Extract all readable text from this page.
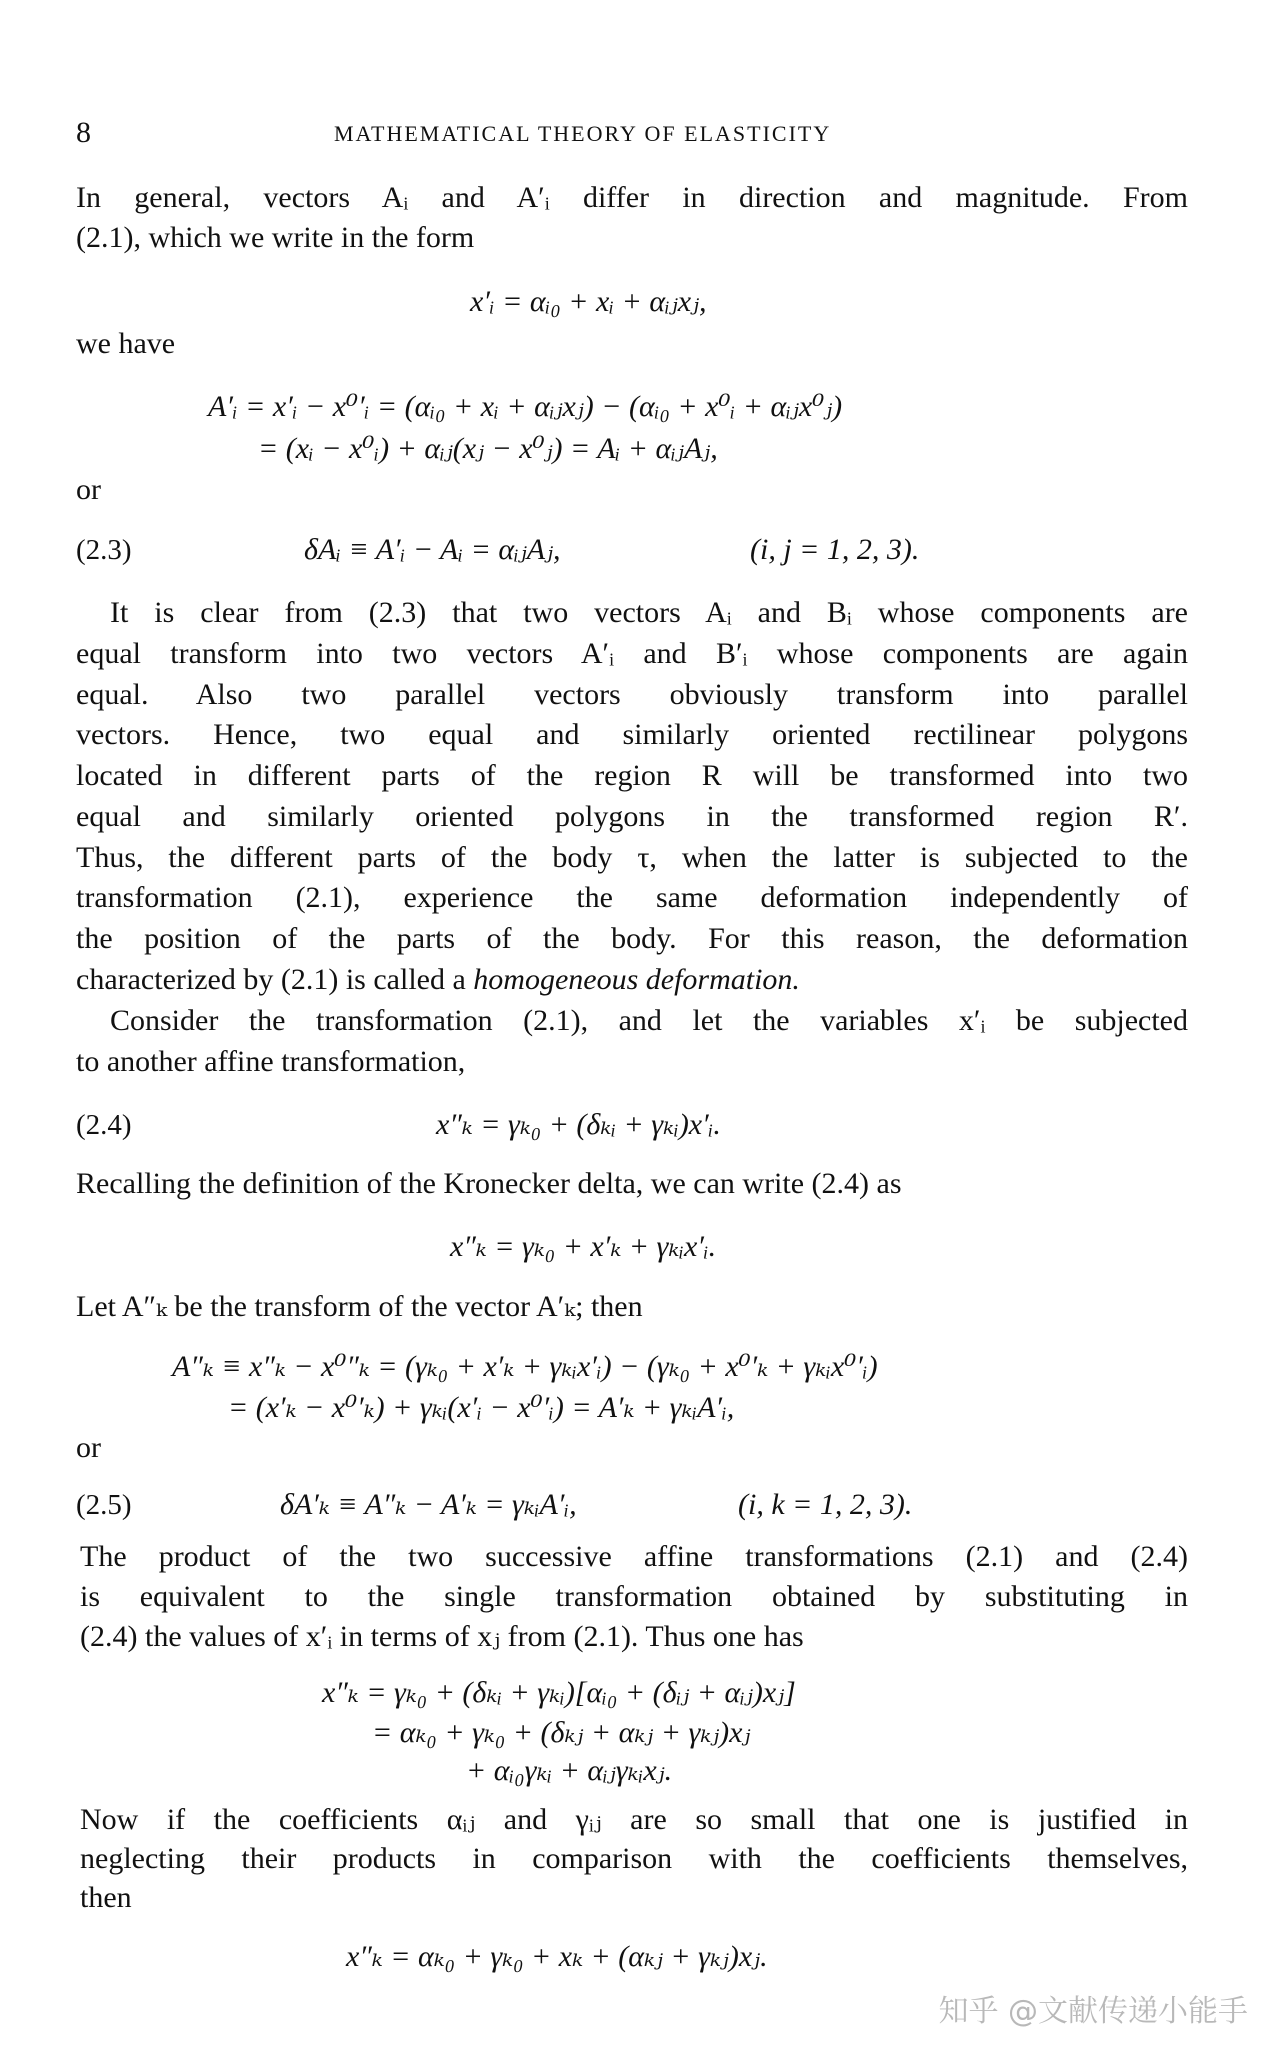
8	MATHEMATICAL THEORY OF ELASTICITY
In general, vectors Aᵢ and A′ᵢ differ in direction and magnitude. From
(2.1), which we write in the form
x′ᵢ = αᵢ₀ + xᵢ + αᵢⱼxⱼ,
we have
A′ᵢ = x′ᵢ − x⁰′ᵢ = (αᵢ₀ + xᵢ + αᵢⱼxⱼ) − (αᵢ₀ + x⁰ᵢ + αᵢⱼx⁰ⱼ)
= (xᵢ − x⁰ᵢ) + αᵢⱼ(xⱼ − x⁰ⱼ) = Aᵢ + αᵢⱼAⱼ,
or
(2.3)	δAᵢ ≡ A′ᵢ − Aᵢ = αᵢⱼAⱼ,	(i, j = 1, 2, 3).
It is clear from (2.3) that two vectors Aᵢ and Bᵢ whose components are
equal transform into two vectors A′ᵢ and B′ᵢ whose components are again
equal. Also two parallel vectors obviously transform into parallel
vectors. Hence, two equal and similarly oriented rectilinear polygons
located in different parts of the region R will be transformed into two
equal and similarly oriented polygons in the transformed region R′.
Thus, the different parts of the body τ, when the latter is subjected to the
transformation (2.1), experience the same deformation independently of
the position of the parts of the body. For this reason, the deformation
characterized by (2.1) is called a homogeneous deformation.
Consider the transformation (2.1), and let the variables x′ᵢ be subjected
to another affine transformation,
(2.4)	x″ₖ = γₖ₀ + (δₖᵢ + γₖᵢ)x′ᵢ.
Recalling the definition of the Kronecker delta, we can write (2.4) as
x″ₖ = γₖ₀ + x′ₖ + γₖᵢx′ᵢ.
Let A″ₖ be the transform of the vector A′ₖ; then
A″ₖ ≡ x″ₖ − x⁰″ₖ = (γₖ₀ + x′ₖ + γₖᵢx′ᵢ) − (γₖ₀ + x⁰′ₖ + γₖᵢx⁰′ᵢ)
= (x′ₖ − x⁰′ₖ) + γₖᵢ(x′ᵢ − x⁰′ᵢ) = A′ₖ + γₖᵢA′ᵢ,
or
(2.5)	δA′ₖ ≡ A″ₖ − A′ₖ = γₖᵢA′ᵢ,	(i, k = 1, 2, 3).
The product of the two successive affine transformations (2.1) and (2.4)
is equivalent to the single transformation obtained by substituting in
(2.4) the values of x′ᵢ in terms of xⱼ from (2.1). Thus one has
x″ₖ = γₖ₀ + (δₖᵢ + γₖᵢ)[αᵢ₀ + (δᵢⱼ + αᵢⱼ)xⱼ]
= αₖ₀ + γₖ₀ + (δₖⱼ + αₖⱼ + γₖⱼ)xⱼ
+ αᵢ₀γₖᵢ + αᵢⱼγₖᵢxⱼ.
Now if the coefficients αᵢⱼ and γᵢⱼ are so small that one is justified in
neglecting their products in comparison with the coefficients themselves,
then
x″ₖ = αₖ₀ + γₖ₀ + xₖ + (αₖⱼ + γₖⱼ)xⱼ.
知乎 @文献传递小能手
